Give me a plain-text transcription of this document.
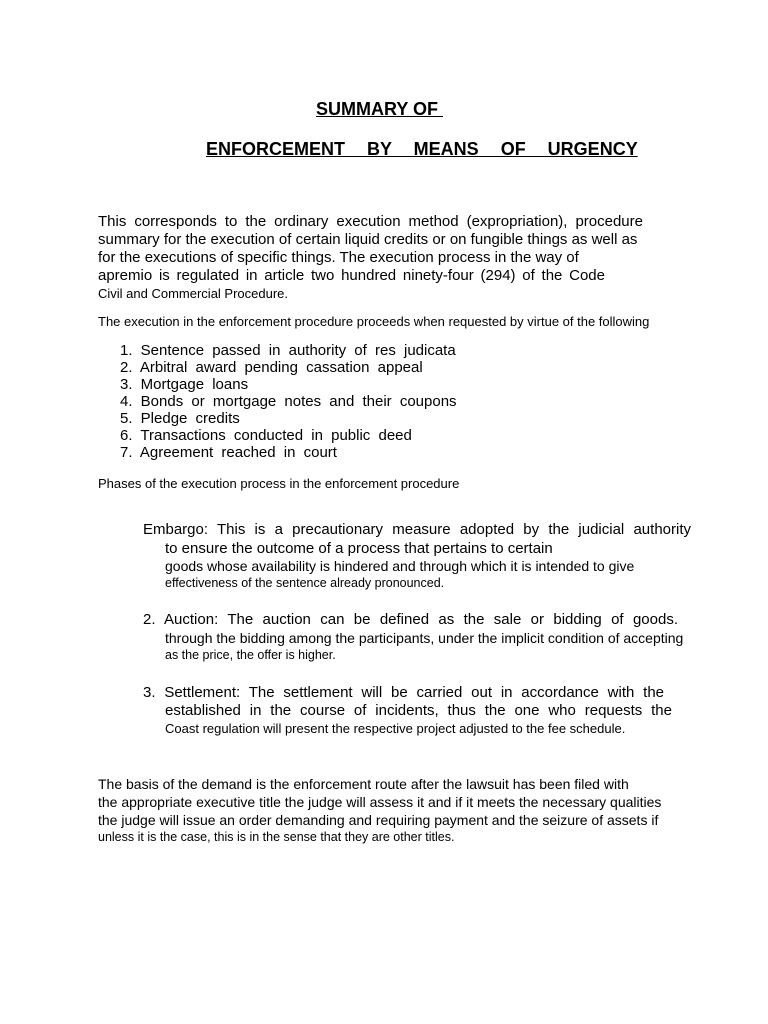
SUMMARY OF
ENFORCEMENT  BY  MEANS  OF  URGENCY
This corresponds to the ordinary execution method (expropriation), procedure
summary for the execution of certain liquid credits or on fungible things as well as
for the executions of specific things. The execution process in the way of
apremio is regulated in article two hundred ninety-four (294) of the Code
Civil and Commercial Procedure.
The execution in the enforcement procedure proceeds when requested by virtue of the following
1. Sentence passed in authority of res judicata
2. Arbitral award pending cassation appeal
3. Mortgage loans
4. Bonds or mortgage notes and their coupons
5. Pledge credits
6. Transactions conducted in public deed
7. Agreement reached in court
Phases of the execution process in the enforcement procedure
Embargo: This is a precautionary measure adopted by the judicial authority
to ensure the outcome of a process that pertains to certain
goods whose availability is hindered and through which it is intended to give
effectiveness of the sentence already pronounced.
2. Auction: The auction can be defined as the sale or bidding of goods.
through the bidding among the participants, under the implicit condition of accepting
as the price, the offer is higher.
3. Settlement: The settlement will be carried out in accordance with the
established in the course of incidents, thus the one who requests the
Coast regulation will present the respective project adjusted to the fee schedule.
The basis of the demand is the enforcement route after the lawsuit has been filed with
the appropriate executive title the judge will assess it and if it meets the necessary qualities
the judge will issue an order demanding and requiring payment and the seizure of assets if
unless it is the case, this is in the sense that they are other titles.
